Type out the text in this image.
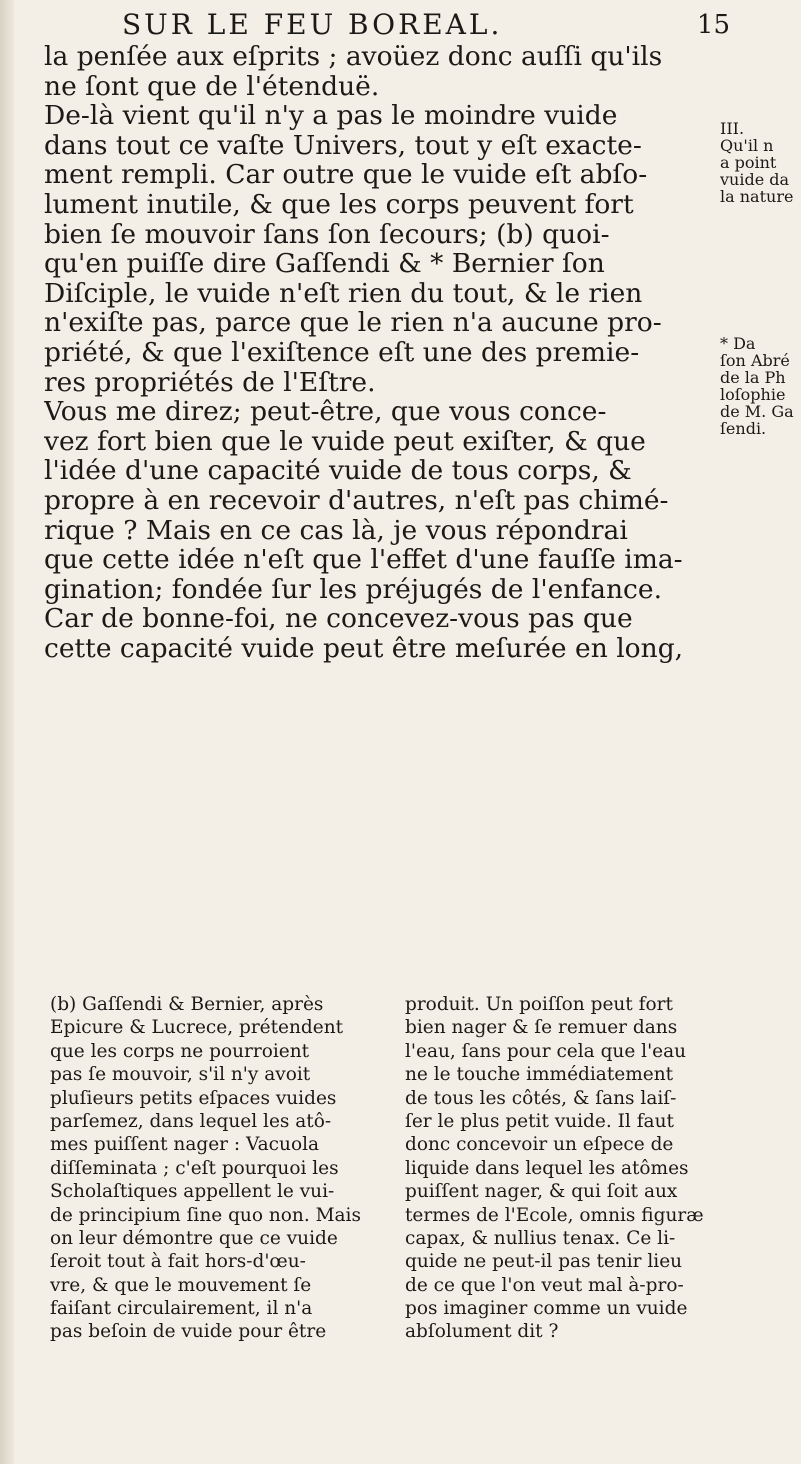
SUR LE FEU BOREAL.	15
la penſée aux eſprits ; avoüez donc auſſi qu'ils
ne ſont que de l'étenduë.
De-là vient qu'il n'y a pas le moindre vuide
dans tout ce vaſte Univers, tout y eſt exacte-
ment rempli. Car outre que le vuide eſt abſo-
lument inutile, & que les corps peuvent fort
bien ſe mouvoir ſans ſon ſecours; (b) quoi-
qu'en puiſſe dire Gaſſendi & * Bernier ſon
Diſciple, le vuide n'eſt rien du tout, & le rien
n'exiſte pas, parce que le rien n'a aucune pro-
priété, & que l'exiſtence eſt une des premie-
res propriétés de l'Eſtre.
Vous me direz; peut-être, que vous conce-
vez fort bien que le vuide peut exiſter, & que
l'idée d'une capacité vuide de tous corps, &
propre à en recevoir d'autres, n'eſt pas chimé-
rique ? Mais en ce cas là, je vous répondrai
que cette idée n'eſt que l'effet d'une fauſſe ima-
gination; fondée ſur les préjugés de l'enfance.
Car de bonne-foi, ne concevez-vous pas que
cette capacité vuide peut être meſurée en long,
III.
Qu'il n
a point
vuide da
la nature
* Da
ſon Abré
de la Ph
loſophie
de M. Ga
ſendi.
(b) Gaſſendi & Bernier, après
Epicure & Lucrece, prétendent
que les corps ne pourroient
pas ſe mouvoir, s'il n'y avoit
pluſieurs petits eſpaces vuides
parſemez, dans lequel les atô-
mes puiſſent nager : Vacuola
diſſeminata ; c'eſt pourquoi les
Scholaſtiques appellent le vui-
de principium ſine quo non. Mais
on leur démontre que ce vuide
ſeroit tout à fait hors-d'œu-
vre, & que le mouvement ſe
faiſant circulairement, il n'a
pas beſoin de vuide pour être
produit. Un poiſſon peut fort
bien nager & ſe remuer dans
l'eau, ſans pour cela que l'eau
ne le touche immédiatement
de tous les côtés, & ſans laiſ-
ſer le plus petit vuide. Il faut
donc concevoir un eſpece de
liquide dans lequel les atômes
puiſſent nager, & qui ſoit aux
termes de l'Ecole, omnis figuræ
capax, & nullius tenax. Ce li-
quide ne peut-il pas tenir lieu
de ce que l'on veut mal à-pro-
pos imaginer comme un vuide
abſolument dit ?
